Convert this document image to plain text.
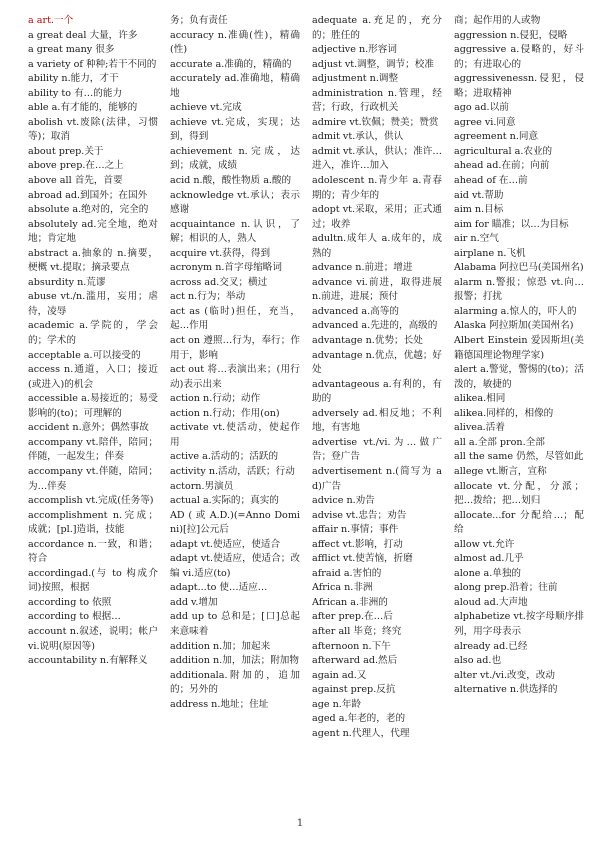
a art.一个

a great deal 大量，许多

a great many 很多

a variety of 种种;若干不同的

ability n.能力，才干

ability to 有…的能力

able a.有才能的，能够的

abolish vt.废除(法律，习惯等)；取消

about prep.关于

above prep.在…之上

above all 首先，首要

abroad ad.到国外；在国外

absolute a.绝对的，完全的

absolutely ad.完全地，绝对地；肯定地

abstract a.抽象的 n.摘要，梗概 vt.提取；摘录要点

absurdity n.荒谬

abuse vt./n.滥用，妄用；虐待，凌辱

academic a.学院的，学会的；学术的

acceptable a.可以接受的

access n.通道，入口；接近(或进入)的机会

accessible a.易接近的；易受影响的(to)；可理解的

accident n.意外；偶然事故

accompany vt.陪伴，陪同；伴随，一起发生；伴奏

accompany vt.伴随，陪同；为…伴奏

accomplish vt.完成(任务等)

accomplishment n.完成；成就；[pl.]造诣，技能

accordance n.一致，和谐；符合

accordingad.(与 to 构成介词)按照，根据

according to 依照

according to 根据…

account n.叙述，说明；帐户 vi.说明(原因等)

accountability n.有解释义

务；负有责任

accuracy n.准确(性)，精确(性)

accurate a.准确的，精确的

accurately ad.准确地，精确地

achieve vt.完成

achieve vt.完成，实现；达到，得到

achievement n.完成，达到；成就，成绩

acid n.酸，酸性物质 a.酸的

acknowledge vt.承认；表示感谢

acquaintance n.认识，了解；相识的人，熟人

acquire vt.获得，得到

acronym n.首字母缩略词

across ad.交叉；横过

act n.行为；举动

act as (临时)担任，充当，起…作用

act on 遵照…行为，奉行；作用于，影响

act out 将…表演出来；(用行动)表示出来

action n.行动；动作

action n.行动；作用(on)

activate vt.使活动，使起作用

active a.活动的；活跃的

activity n.活动，活跃；行动

actorn.男演员

actual a.实际的；真实的

AD ( 或 A.D.)(=Anno Domini)[拉]公元后

adapt vt.使适应，使适合

adapt vt.使适应，使适合；改编 vi.适应(to)

adapt...to 使…适应…

add v.增加

add up to 总和是；[口]总起来意味着

addition n.加；加起来

addition n.加，加法；附加物

additionala.附加的，追加的；另外的

address n.地址；住址

adequate a.充足的，充分的；胜任的

adjective n.形容词

adjust vt.调整，调节；校准

adjustment n.调整

administration n.管理，经营；行政，行政机关

admire vt.钦佩；赞美；赞赏

admit vt.承认，供认

admit vt.承认，供认；准许…进入，准许…加入

adolescent n.青少年 a.青春期的；青少年的

adopt vt.采取，采用；正式通过；收养

adultn.成年人 a.成年的，成熟的

advance n.前进；增进

advance vi.前进，取得进展 n.前进，进展；预付

advanced a.高等的

advanced a.先进的，高级的

advantage n.优势；长处

advantage n.优点，优越；好处

advantageous a.有利的，有助的

adversely ad.相反地；不利地，有害地

advertise vt./vi.为…做广告；登广告

advertisement n.(简写为 ad)广告

advice n.劝告

advise vt.忠告；劝告

affair n.事情；事件

affect vt.影响，打动

afflict vt.使苦恼，折磨

afraid a.害怕的

Africa n.非洲

African a.非洲的

after prep.在…后

after all 毕竟；终究

afternoon n.下午

afterward ad.然后

again ad.又

against prep.反抗

age n.年龄

aged a.年老的，老的

agent n.代理人，代理

商；起作用的人或物

aggression n.侵犯，侵略

aggressive a.侵略的，好斗的；有进取心的

aggressivenessn.侵犯，侵略；进取精神

ago ad.以前

agree vi.同意

agreement n.同意

agricultural a.农业的

ahead ad.在前；向前

ahead of 在…前

aid vt.帮助

aim n.目标

aim for 瞄准；以…为目标

air n.空气

airplane n.飞机

Alabama 阿拉巴马(美国州名)

alarm n.警报；惊恐 vt.向…报警；打扰

alarming a.惊人的，吓人的

Alaska 阿拉斯加(美国州名)

Albert Einstein 爱因斯坦(美籍德国理论物理学家)

alert a.警觉，警惕的(to)；活泼的，敏捷的

alikea.相同

alikea.同样的，相像的

alivea.活着

all a.全部 pron.全部

all the same 仍然，尽管如此

allege vt.断言，宣称

allocate vt.分配，分派；把…拨给；把…划归

allocate...for 分配给…；配给

allow vt.允许

almost ad.几乎

alone a.单独的

along prep.沿着；往前

aloud ad.大声地

alphabetize vt.按字母顺序排列，用字母表示

already ad.已经

also ad.也

alter vt./vi.改变，改动

alternative n.供选择的

1
